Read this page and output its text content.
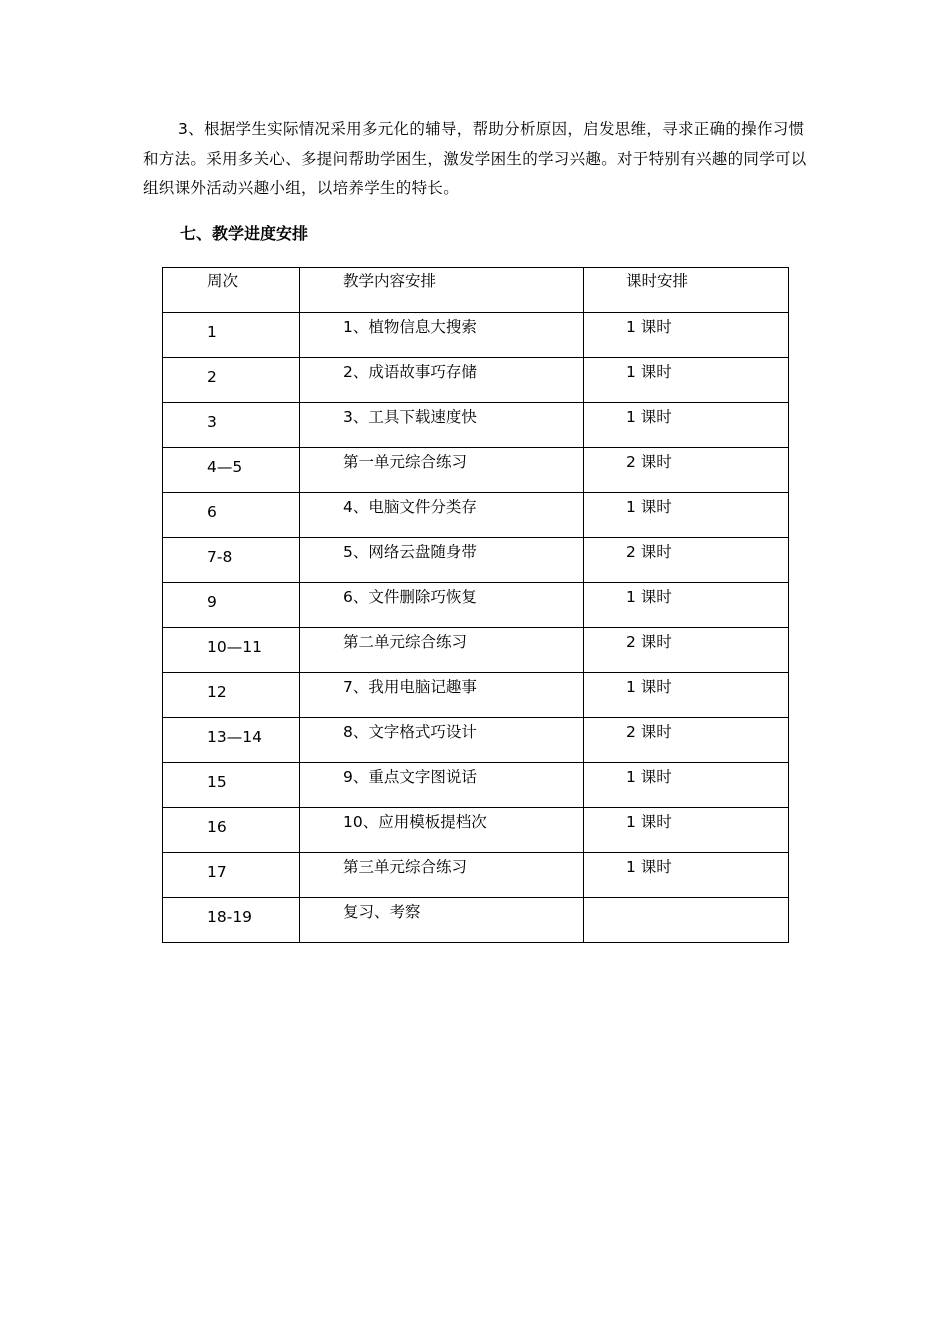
3、根据学生实际情况采用多元化的辅导，帮助分析原因，启发思维，寻求正确的操作习惯和方法。采用多关心、多提问帮助学困生，激发学困生的学习兴趣。对于特别有兴趣的同学可以组织课外活动兴趣小组，以培养学生的特长。

七、教学进度安排
周次	教学内容安排	课时安排

1	1、植物信息大搜索	1 课时

2	2、成语故事巧存储	1 课时

3	3、工具下载速度快	1 课时

4—5	第一单元综合练习	2 课时

6	4、电脑文件分类存	1 课时

7-8	5、网络云盘随身带	2 课时

9	6、文件删除巧恢复	1 课时

10—11	第二单元综合练习	2 课时

12	7、我用电脑记趣事	1 课时

13—14	8、文字格式巧设计	2 课时

15	9、重点文字图说话	1 课时

16	10、应用模板提档次	1 课时

17	第三单元综合练习	1 课时

18-19	复习、考察	
